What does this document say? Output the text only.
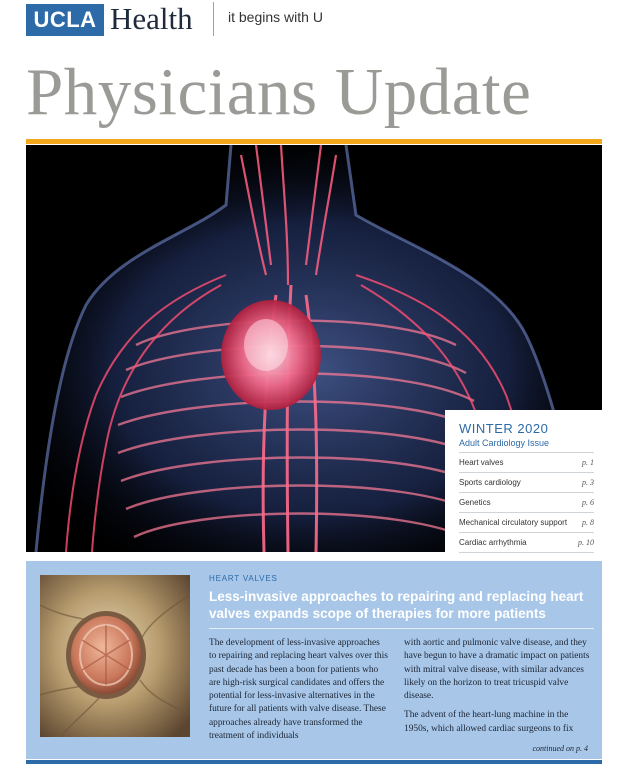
UCLA Health	it begins with U
Physicians Update
WINTER 2020
Adult Cardiology Issue
Heart valves	p. 1
Sports cardiology	p. 3
Genetics	p. 6
Mechanical circulatory support p. 8
Cardiac arrhythmia	p. 10
HEART VALVES
Less-invasive approaches to repairing and replacing heart valves expands scope of therapies for more patients

The development of less-invasive approaches to repairing and replacing heart valves over this past decade has been a boon for patients who are high-risk surgical candidates and offers the potential for less-invasive alternatives in the future for all patients with valve disease. These approaches already have transformed the treatment of individuals

with aortic and pulmonic valve disease, and they have begun to have a dramatic impact on patients with mitral valve disease, with similar advances likely on the horizon to treat tricuspid valve disease.

The advent of the heart-lung machine in the 1950s, which allowed cardiac surgeons to fix

continued on p. 4
